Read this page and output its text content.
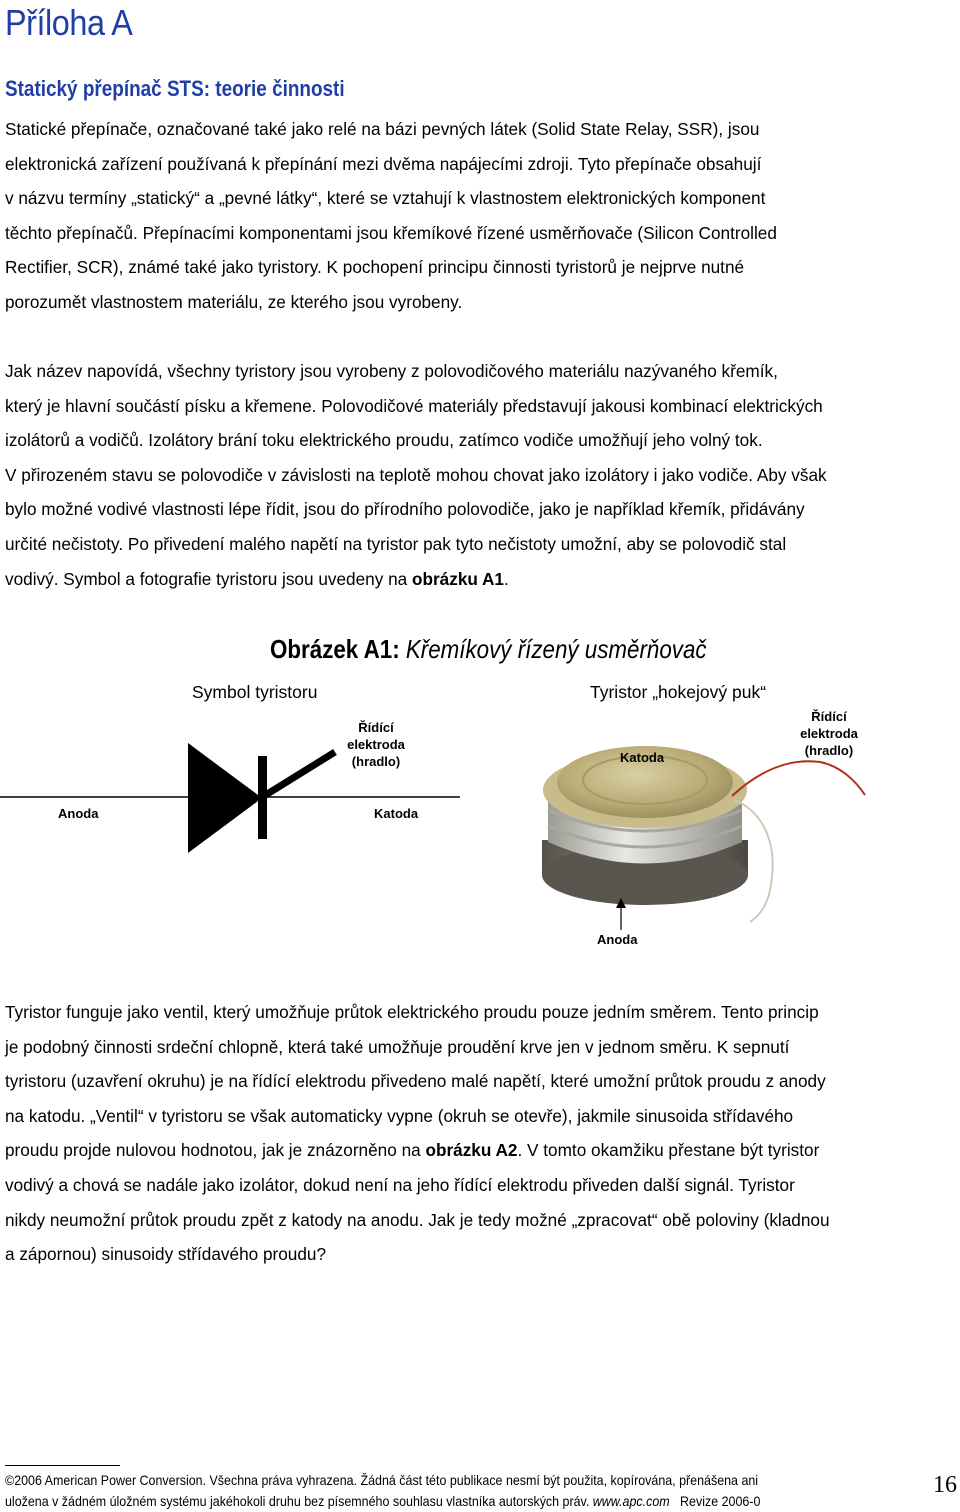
Příloha A
Statický přepínač STS: teorie činnosti

Statické přepínače, označované také jako relé na bázi pevných látek (Solid State Relay, SSR), jsou
elektronická zařízení používaná k přepínání mezi dvěma napájecími zdroji. Tyto přepínače obsahují
v názvu termíny „statický“ a „pevné látky“, které se vztahují k vlastnostem elektronických komponent
těchto přepínačů. Přepínacími komponentami jsou křemíkové řízené usměrňovače (Silicon Controlled
Rectifier, SCR), známé také jako tyristory. K pochopení principu činnosti tyristorů je nejprve nutné
porozumět vlastnostem materiálu, ze kterého jsou vyrobeny.

Jak název napovídá, všechny tyristory jsou vyrobeny z polovodičového materiálu nazývaného křemík,
který je hlavní součástí písku a křemene. Polovodičové materiály představují jakousi kombinací elektrických
izolátorů a vodičů. Izolátory brání toku elektrického proudu, zatímco vodiče umožňují jeho volný tok.
V přirozeném stavu se polovodiče v závislosti na teplotě mohou chovat jako izolátory i jako vodiče. Aby však
bylo možné vodivé vlastnosti lépe řídit, jsou do přírodního polovodiče, jako je například křemík, přidávány
určité nečistoty. Po přivedení malého napětí na tyristor pak tyto nečistoty umožní, aby se polovodič stal
vodivý. Symbol a fotografie tyristoru jsou uvedeny na obrázku A1.

Obrázek A1: Křemíkový řízený usměrňovač
Symbol tyristoru	Tyristor „hokejový puk“
Řídící
elektroda
(hradlo)
Anoda	Katoda
Katoda
Řídící
elektroda
(hradlo)
Anoda

Tyristor funguje jako ventil, který umožňuje průtok elektrického proudu pouze jedním směrem. Tento princip
je podobný činnosti srdeční chlopně, která také umožňuje proudění krve jen v jednom směru. K sepnutí
tyristoru (uzavření okruhu) je na řídící elektrodu přivedeno malé napětí, které umožní průtok proudu z anody
na katodu. „Ventil“ v tyristoru se však automaticky vypne (okruh se otevře), jakmile sinusoida střídavého
proudu projde nulovou hodnotou, jak je znázorněno na obrázku A2. V tomto okamžiku přestane být tyristor
vodivý a chová se nadále jako izolátor, dokud není na jeho řídící elektrodu přiveden další signál. Tyristor
nikdy neumožní průtok proudu zpět z katody na anodu. Jak je tedy možné „zpracovat“ obě poloviny (kladnou
a zápornou) sinusoidy střídavého proudu?

©2006 American Power Conversion. Všechna práva vyhrazena. Žádná část této publikace nesmí být použita, kopírována, přenášena ani
uložena v žádném úložném systému jakéhokoli druhu bez písemného souhlasu vlastníka autorských práv. www.apc.com   Revize 2006-0
16
